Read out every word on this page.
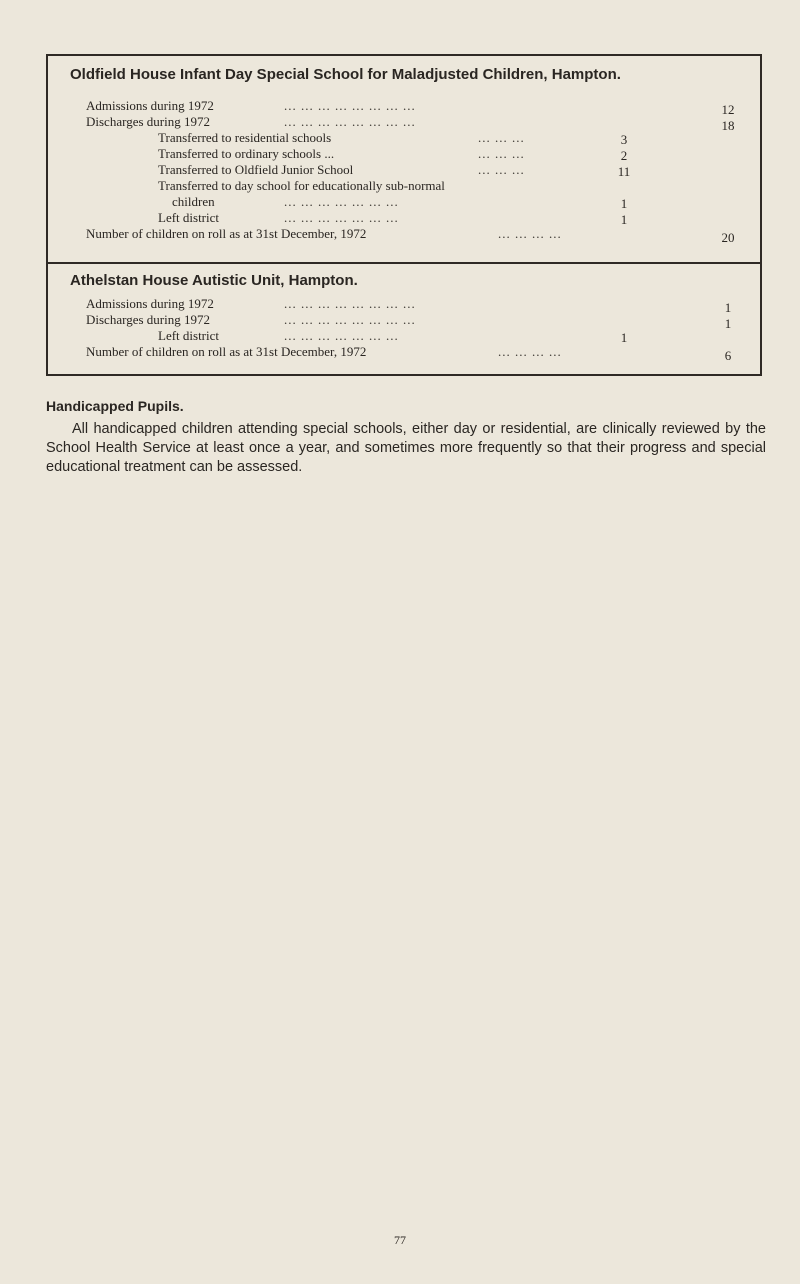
Oldfield House Infant Day Special School for Maladjusted Children, Hampton.
Admissions during 1972	... ... ... ... ... ... ... ...	12
Discharges during 1972	... ... ... ... ... ... ... ...	18
Transferred to residential schools	... ... ...	3
Transferred to ordinary schools ...	... ... ...	2
Transferred to Oldfield Junior School	... ... ...	11
Transferred to day school for educationally sub-normal
children	... ... ... ... ... ... ...	1
Left district	... ... ... ... ... ... ...	1
Number of children on roll as at 31st December, 1972	... ... ... ...	20
Athelstan House Autistic Unit, Hampton.
Admissions during 1972	... ... ... ... ... ... ... ...	1
Discharges during 1972	... ... ... ... ... ... ... ...	1
Left district	... ... ... ... ... ... ...	1
Number of children on roll as at 31st December, 1972	... ... ... ...	6
Handicapped Pupils.

All handicapped children attending special schools, either day or residential, are clinically reviewed by the School Health Service at least once a year, and sometimes more frequently so that their progress and special educational treatment can be assessed.

77
